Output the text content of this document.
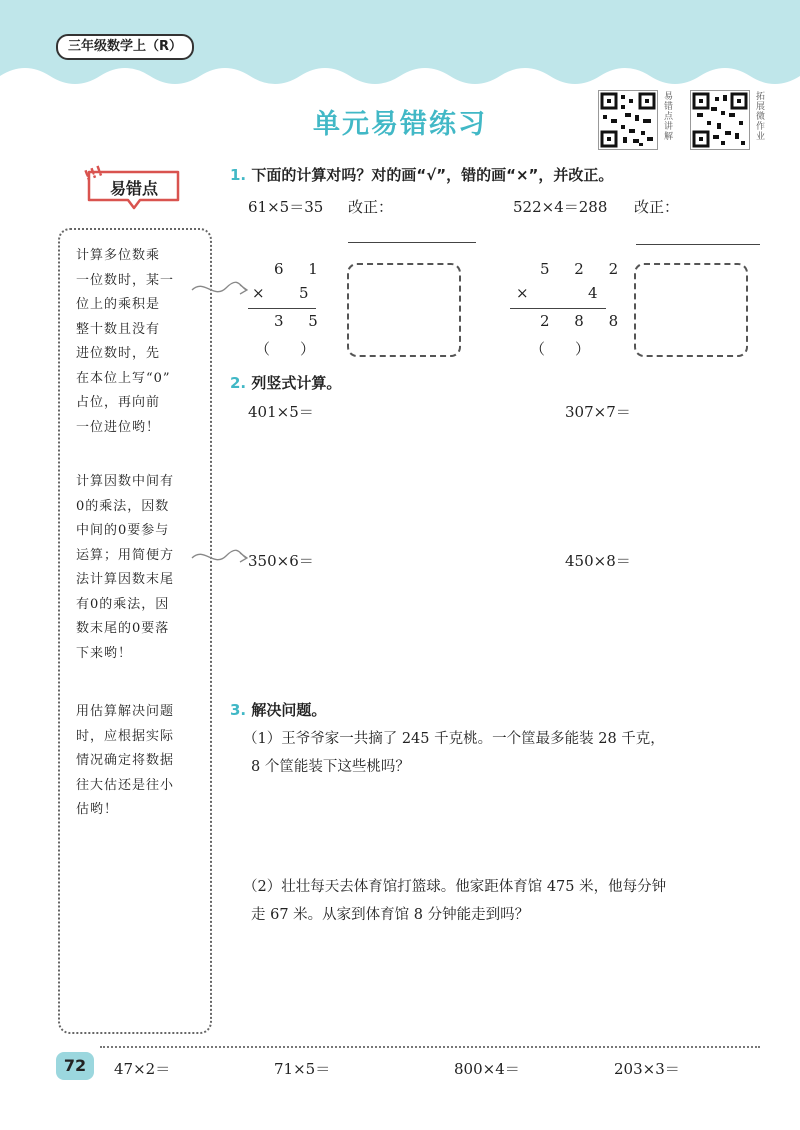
三年级数学上（R）
单元易错练习
易错点讲解
拓展微作业
!!!
易错点
计算多位数乘
一位数时，某一
位上的乘积是
整十数且没有
进位数时，先
在本位上写“0”
占位，再向前
一位进位哟！
计算因数中间有
0的乘法，因数
中间的0要参与
运算；用简便方
法计算因数末尾
有0的乘法，因
数末尾的0要落
下来哟！
用估算解决问题
时，应根据实际
情况确定将数据
往大估还是往小
估哟！
1. 下面的计算对吗？对的画“√”，错的画“×”，并改正。
61×5＝35 改正：	522×4＝288 改正：
6 1
× 5
3 5
（　　）
5 2 2
×	4
2 8 8
（　　）
2. 列竖式计算。
401×5＝	307×7＝
350×6＝	450×8＝
3. 解决问题。
（1）王爷爷家一共摘了 245 千克桃。一个筐最多能装 28 千克，
8 个筐能装下这些桃吗？
（2）壮壮每天去体育馆打篮球。他家距体育馆 475 米，他每分钟
走 67 米。从家到体育馆 8 分钟能走到吗？
72	47×2＝	71×5＝	800×4＝	203×3＝
